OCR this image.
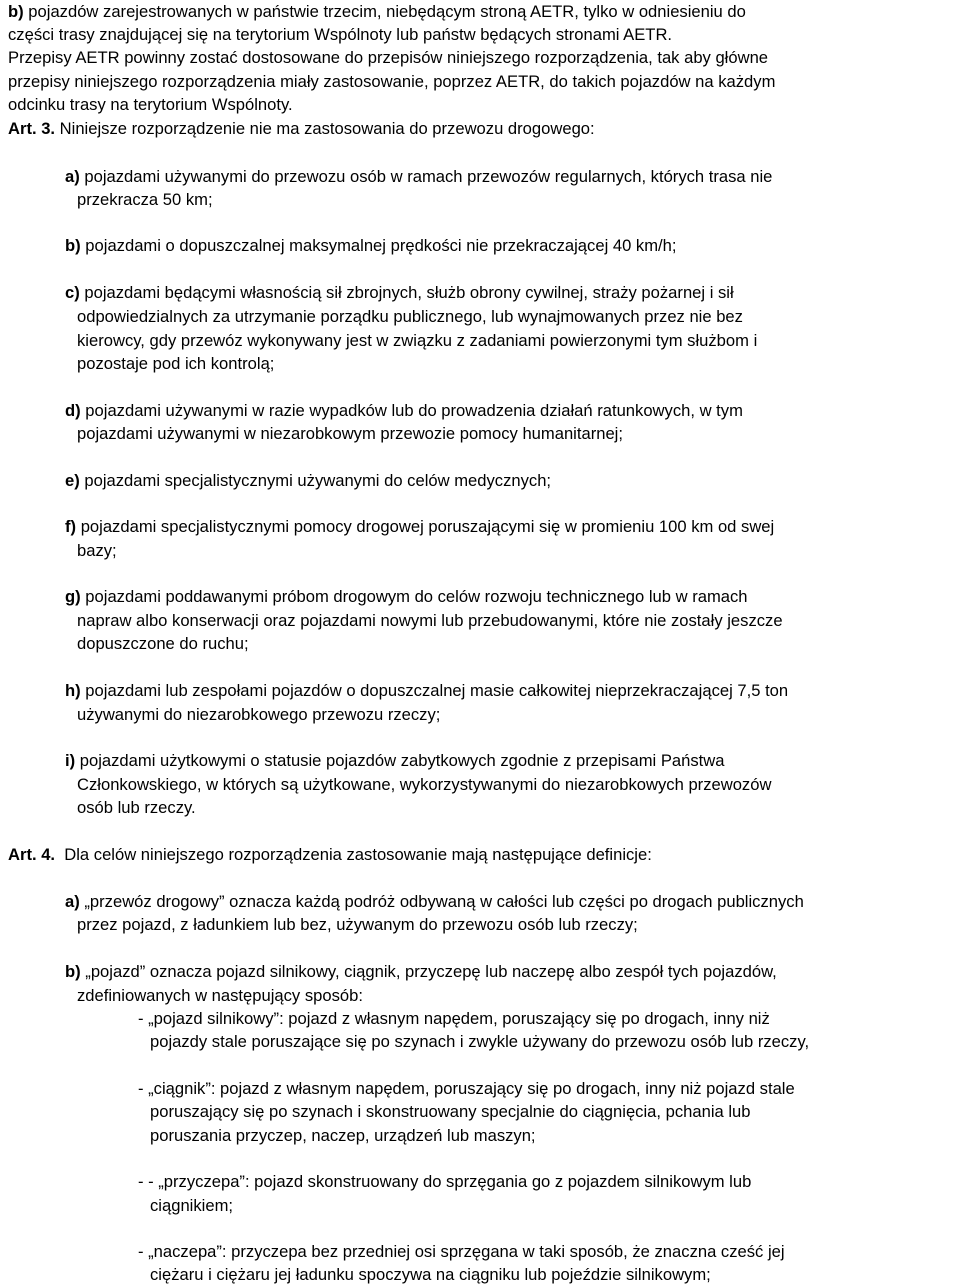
b) pojazdów zarejestrowanych w państwie trzecim, niebędącym stroną AETR, tylko w odniesieniu do
części trasy znajdującej się na terytorium Wspólnoty lub państw będących stronami AETR.
Przepisy AETR powinny zostać dostosowane do przepisów niniejszego rozporządzenia, tak aby główne
przepisy niniejszego rozporządzenia miały zastosowanie, poprzez AETR, do takich pojazdów na każdym
odcinku trasy na terytorium Wspólnoty.
Art. 3. Niniejsze rozporządzenie nie ma zastosowania do przewozu drogowego:
a) pojazdami używanymi do przewozu osób w ramach przewozów regularnych, których trasa nie
przekracza 50 km;
b) pojazdami o dopuszczalnej maksymalnej prędkości nie przekraczającej 40 km/h;
c) pojazdami będącymi własnością sił zbrojnych, służb obrony cywilnej, straży pożarnej i sił
odpowiedzialnych za utrzymanie porządku publicznego, lub wynajmowanych przez nie bez
kierowcy, gdy przewóz wykonywany jest w związku z zadaniami powierzonymi tym służbom i
pozostaje pod ich kontrolą;
d) pojazdami używanymi w razie wypadków lub do prowadzenia działań ratunkowych, w tym
pojazdami używanymi w niezarobkowym przewozie pomocy humanitarnej;
e) pojazdami specjalistycznymi używanymi do celów medycznych;
f) pojazdami specjalistycznymi pomocy drogowej poruszającymi się w promieniu 100 km od swej
bazy;
g) pojazdami poddawanymi próbom drogowym do celów rozwoju technicznego lub w ramach
napraw albo konserwacji oraz pojazdami nowymi lub przebudowanymi, które nie zostały jeszcze
dopuszczone do ruchu;
h) pojazdami lub zespołami pojazdów o dopuszczalnej masie całkowitej nieprzekraczającej 7,5 ton
używanymi do niezarobkowego przewozu rzeczy;
i) pojazdami użytkowymi o statusie pojazdów zabytkowych zgodnie z przepisami Państwa
Członkowskiego, w których są użytkowane, wykorzystywanymi do niezarobkowych przewozów
osób lub rzeczy.
Art. 4. Dla celów niniejszego rozporządzenia zastosowanie mają następujące definicje:
a) „przewóz drogowy” oznacza każdą podróż odbywaną w całości lub części po drogach publicznych
przez pojazd, z ładunkiem lub bez, używanym do przewozu osób lub rzeczy;
b) „pojazd” oznacza pojazd silnikowy, ciągnik, przyczepę lub naczepę albo zespół tych pojazdów,
zdefiniowanych w następujący sposób:
- „pojazd silnikowy”: pojazd z własnym napędem, poruszający się po drogach, inny niż
pojazdy stale poruszające się po szynach i zwykle używany do przewozu osób lub rzeczy,
- „ciągnik”: pojazd z własnym napędem, poruszający się po drogach, inny niż pojazd stale
poruszający się po szynach i skonstruowany specjalnie do ciągnięcia, pchania lub
poruszania przyczep, naczep, urządzeń lub maszyn;
- - „przyczepa”: pojazd skonstruowany do sprzęgania go z pojazdem silnikowym lub
ciągnikiem;
- „naczepa”: przyczepa bez przedniej osi sprzęgana w taki sposób, że znaczna cześć jej
ciężaru i ciężaru jej ładunku spoczywa na ciągniku lub pojeździe silnikowym;
